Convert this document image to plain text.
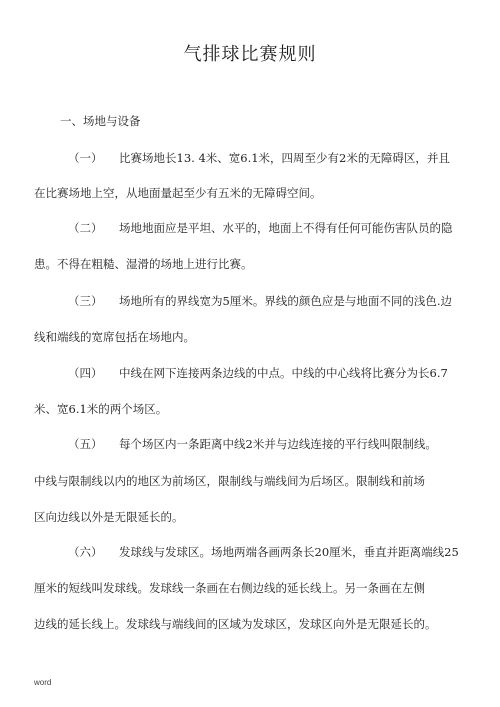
气排球比赛规则
一、场地与设备
（一） 比赛场地长13. 4米、宽6.1米，四周至少有2米的无障碍区，并且
在比赛场地上空，从地面量起至少有五米的无障碍空间。
（二） 场地地面应是平坦、水平的，地面上不得有任何可能伤害队员的隐
患。不得在粗糙、湿滑的场地上进行比赛。
（三） 场地所有的界线宽为5厘米。界线的颜色应是与地面不同的浅色.边
线和端线的宽席包括在场地内。
（四） 中线在网下连接两条边线的中点。中线的中心线将比赛分为长6.7
米、宽6.1米的两个场区。
（五） 每个场区内一条距离中线2米并与边线连接的平行线叫限制线。
中线与限制线以内的地区为前场区，限制线与端线间为后场区。限制线和前场
区向边线以外是无限延长的。
（六） 发球线与发球区。场地两端各画两条长20厘米，垂直并距离端线25
厘米的短线叫发球线。发球线一条画在右侧边线的延长线上。另一条画在左侧
边线的延长线上。发球线与端线间的区域为发球区，发球区向外是无限延长的。
word
